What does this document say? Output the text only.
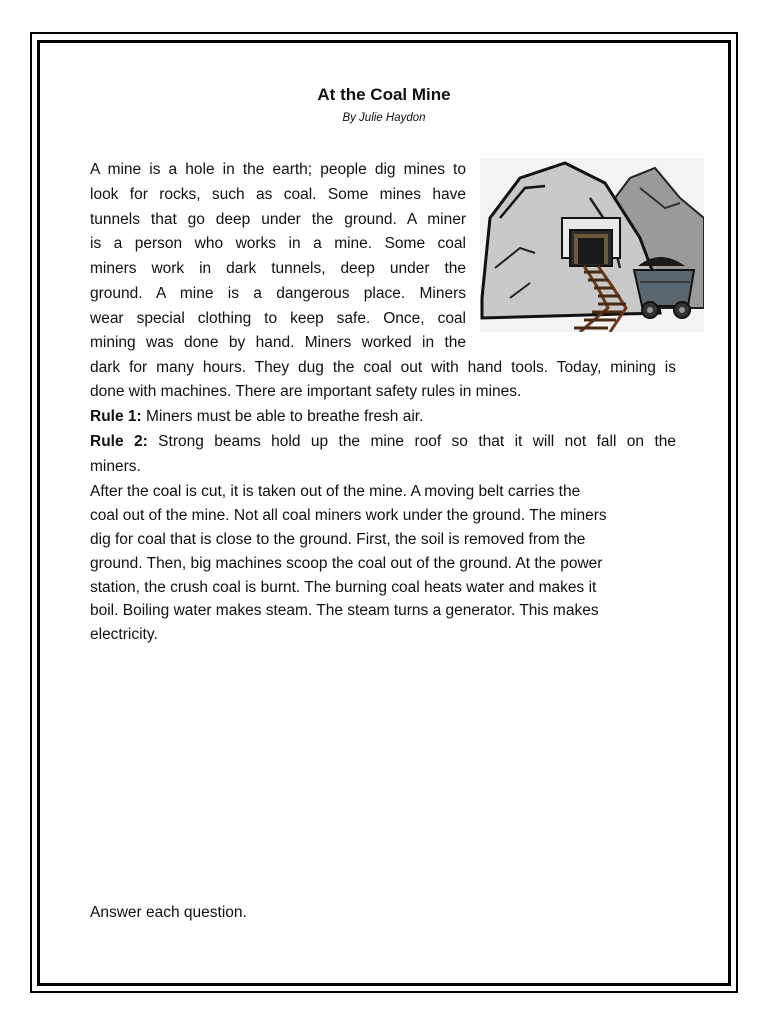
At the Coal Mine
By Julie Haydon
A mine is a hole in the earth; people dig mines to
look for rocks, such as coal. Some mines have
tunnels that go deep under the ground. A miner
is a person who works in a mine. Some coal
miners work in dark tunnels, deep under the
ground. A mine is a dangerous place. Miners
wear special clothing to keep safe. Once, coal
mining was done by hand. Miners worked in the
dark for many hours. They dug the coal out with hand tools. Today, mining is
done with machines. There are important safety rules in mines.
Rule 1: Miners must be able to breathe fresh air.
Rule 2: Strong beams hold up the mine roof so that it will not fall on the
miners.
After the coal is cut, it is taken out of the mine. A moving belt carries the
coal out of the mine. Not all coal miners work under the ground. The miners
dig for coal that is close to the ground. First, the soil is removed from the
ground. Then, big machines scoop the coal out of the ground. At the power
station, the crush coal is burnt. The burning coal heats water and makes it
boil. Boiling water makes steam. The steam turns a generator. This makes
electricity.
Answer each question.
